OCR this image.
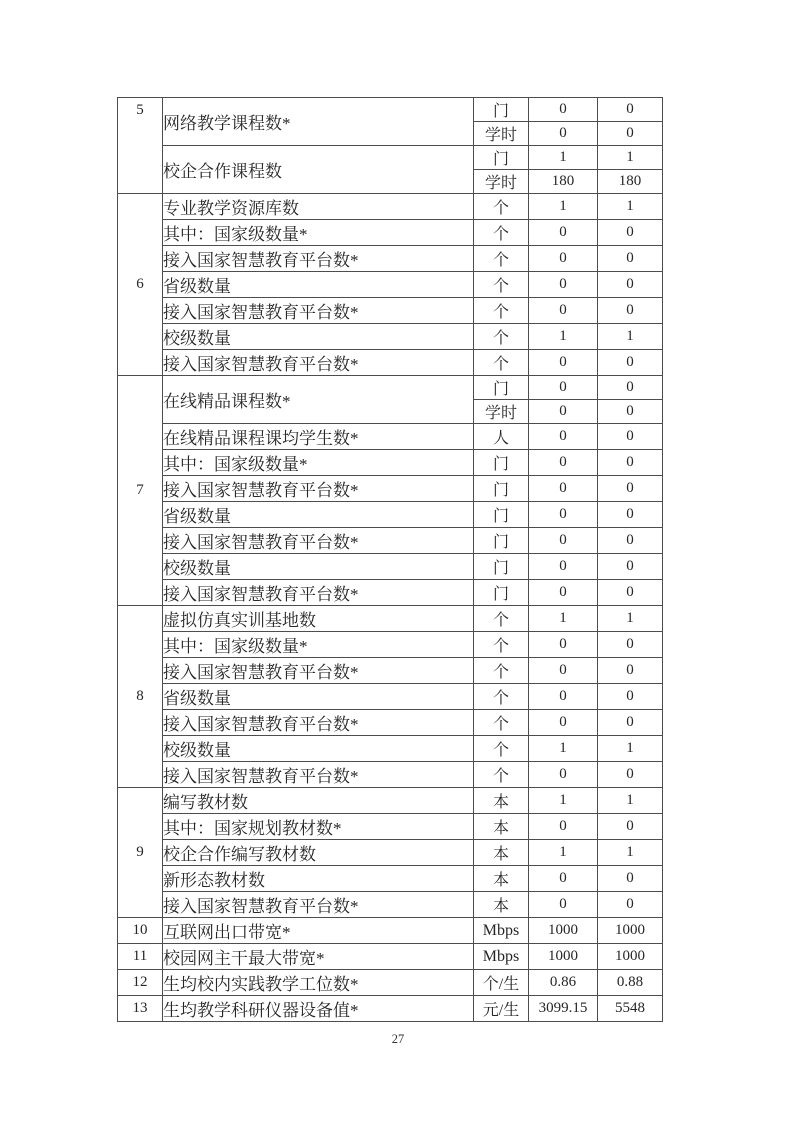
5	网络教学课程数*	门	0	0
		学时	0	0
	校企合作课程数	门	1	1
		学时	180	180
6	专业教学资源库数	个	1	1
	其中：国家级数量*	个	0	0
	接入国家智慧教育平台数*	个	0	0
	省级数量	个	0	0
	接入国家智慧教育平台数*	个	0	0
	校级数量	个	1	1
	接入国家智慧教育平台数*	个	0	0
7	在线精品课程数*	门	0	0
		学时	0	0
	在线精品课程课均学生数*	人	0	0
	其中：国家级数量*	门	0	0
	接入国家智慧教育平台数*	门	0	0
	省级数量	门	0	0
	接入国家智慧教育平台数*	门	0	0
	校级数量	门	0	0
	接入国家智慧教育平台数*	门	0	0
8	虚拟仿真实训基地数	个	1	1
	其中：国家级数量*	个	0	0
	接入国家智慧教育平台数*	个	0	0
	省级数量	个	0	0
	接入国家智慧教育平台数*	个	0	0
	校级数量	个	1	1
	接入国家智慧教育平台数*	个	0	0
9	编写教材数	本	1	1
	其中：国家规划教材数*	本	0	0
	校企合作编写教材数	本	1	1
	新形态教材数	本	0	0
	接入国家智慧教育平台数*	本	0	0
10	互联网出口带宽*	Mbps	1000	1000
11	校园网主干最大带宽*	Mbps	1000	1000
12	生均校内实践教学工位数*	个/生	0.86	0.88
13	生均教学科研仪器设备值*	元/生	3099.15	5548
27
